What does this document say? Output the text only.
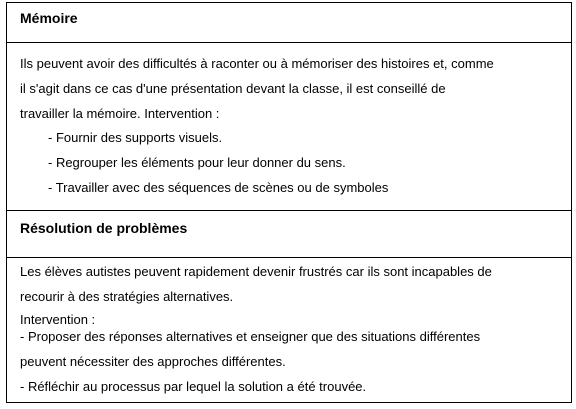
Mémoire
Ils peuvent avoir des difficultés à raconter ou à mémoriser des histoires et, comme
il s'agit dans ce cas d'une présentation devant la classe, il est conseillé de
travailler la mémoire. Intervention :
- Fournir des supports visuels.
- Regrouper les éléments pour leur donner du sens.
- Travailler avec des séquences de scènes ou de symboles
Résolution de problèmes
Les élèves autistes peuvent rapidement devenir frustrés car ils sont incapables de
recourir à des stratégies alternatives.
Intervention :
- Proposer des réponses alternatives et enseigner que des situations différentes
peuvent nécessiter des approches différentes.
- Réfléchir au processus par lequel la solution a été trouvée.
